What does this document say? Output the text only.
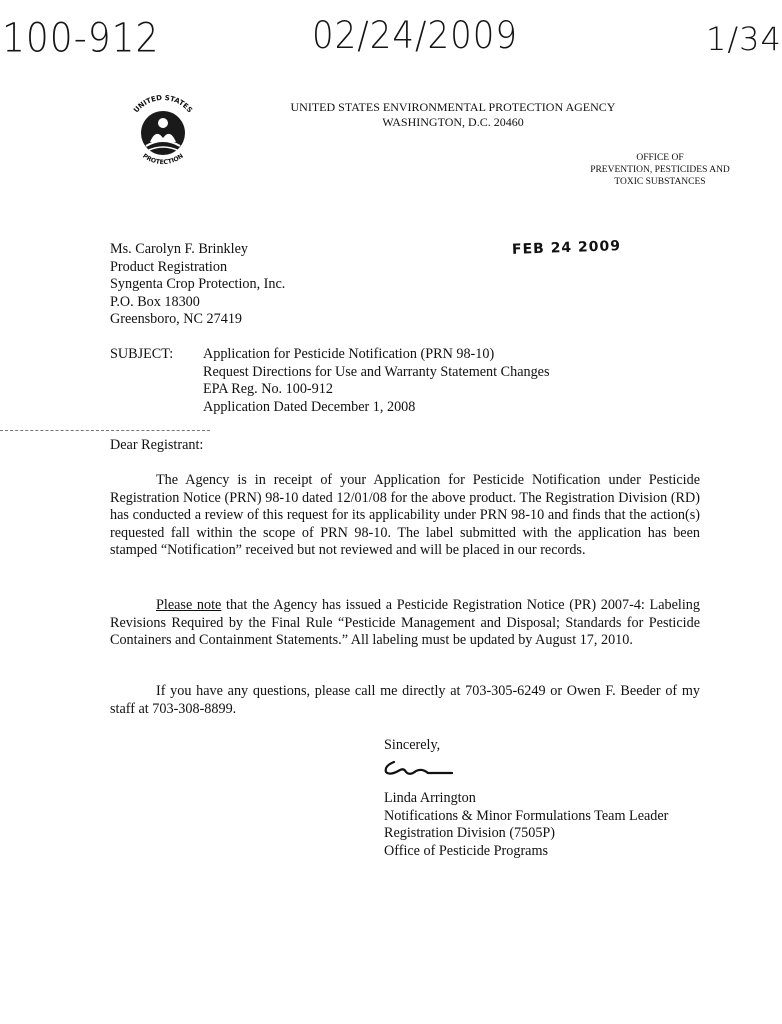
100-912	02/24/2009	1/34
UNITED STATES
PROTECTION
UNITED STATES ENVIRONMENTAL PROTECTION AGENCY
WASHINGTON, D.C. 20460
OFFICE OF
PREVENTION, PESTICIDES AND
TOXIC SUBSTANCES
Ms. Carolyn F. Brinkley
Product Registration
Syngenta Crop Protection, Inc.
P.O. Box 18300
Greensboro, NC 27419
FEB 24 2009
SUBJECT: Application for Pesticide Notification (PRN 98-10)
Request Directions for Use and Warranty Statement Changes
EPA Reg. No. 100-912
Application Dated December 1, 2008
Dear Registrant:

The Agency is in receipt of your Application for Pesticide Notification under Pesticide Registration Notice (PRN) 98-10 dated 12/01/08 for the above product. The Registration Division (RD) has conducted a review of this request for its applicability under PRN 98-10 and finds that the action(s) requested fall within the scope of PRN 98-10. The label submitted with the application has been stamped “Notification” received but not reviewed and will be placed in our records.

Please note that the Agency has issued a Pesticide Registration Notice (PR) 2007-4: Labeling Revisions Required by the Final Rule “Pesticide Management and Disposal; Standards for Pesticide Containers and Containment Statements.” All labeling must be updated by August 17, 2010.

If you have any questions, please call me directly at 703-305-6249 or Owen F. Beeder of my staff at 703-308-8899.

Sincerely,
Linda Arrington
Notifications & Minor Formulations Team Leader
Registration Division (7505P)
Office of Pesticide Programs
